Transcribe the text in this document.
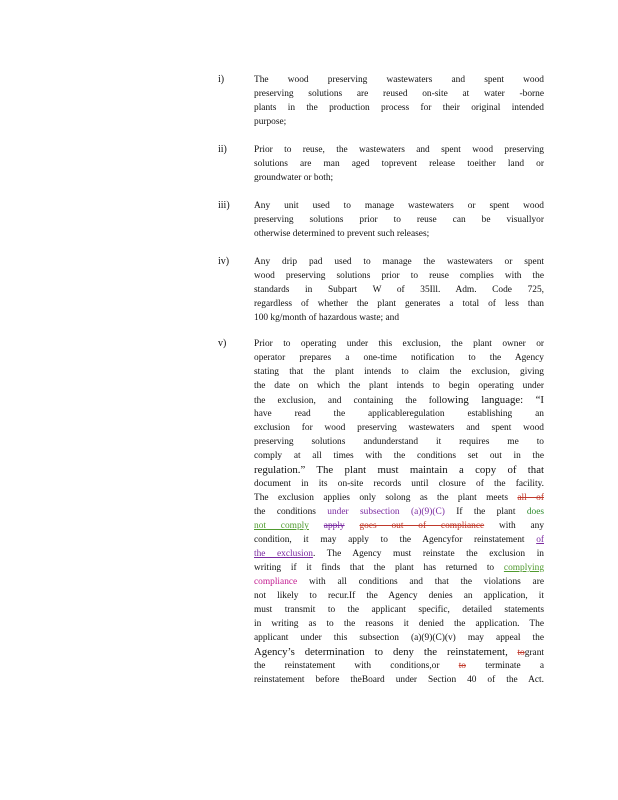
i)	The wood preserving wastewaters and spent wood
preserving solutions are reused on-site at water -borne
plants in the production process for their original intended
purpose;
ii)	Prior to reuse, the wastewaters and spent wood preserving
solutions are man aged toprevent release toeither land or
groundwater or both;
iii)	Any unit used to manage wastewaters or spent wood
preserving solutions prior to reuse can be visuallyor
otherwise determined to prevent such releases;
iv)	Any drip pad used to manage the wastewaters or spent
wood preserving solutions prior to reuse complies with the
standards in Subpart W of 35Ill. Adm. Code 725,
regardless of whether the plant generates a total of less than
100 kg/month of hazardous waste; and
v)	Prior to operating under this exclusion, the plant owner or
operator prepares a one-time notification to the Agency
stating that the plant intends to claim the exclusion, giving
the date on which the plant intends to begin operating under
the exclusion, and containing the following language: “I
have read the applicableregulation establishing an
exclusion for wood preserving wastewaters and spent wood
preserving solutions andunderstand it requires me to
comply at all times with the conditions set out in the
regulation.” The plant must maintain a copy of that
document in its on-site records until closure of the facility.
The exclusion applies only solong as the plant meets all of
the conditions under subsection (a)(9)(C) If the plant does
not comply apply goes out of compliance with any
condition, it may apply to the Agencyfor reinstatement of
the exclusion. The Agency must reinstate the exclusion in
writing if it finds that the plant has returned to complying
compliance with all conditions and that the violations are
not likely to recur.If the Agency denies an application, it
must transmit to the applicant specific, detailed statements
in writing as to the reasons it denied the application. The
applicant under this subsection (a)(9)(C)(v) may appeal the
Agency’s determination to deny the reinstatement, togrant
the reinstatement with conditions,or to terminate a
reinstatement before theBoard under Section 40 of the Act.
